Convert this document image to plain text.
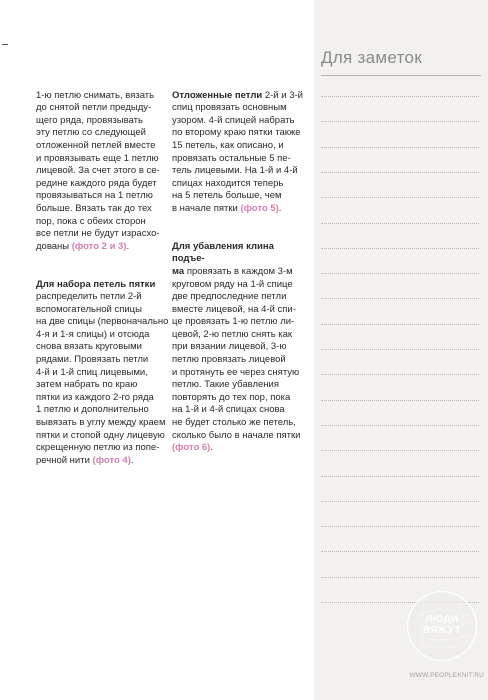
1-ю петлю снимать, вязать
до снятой петли предыду-
щего ряда, провязывать
эту петлю со следующей
отложенной петлей вместе
и провязывать еще 1 петлю
лицевой. За счет этого в се-
редине каждого ряда будет
провязываться на 1 петлю
больше. Вязать так до тех
пор, пока с обеих сторон
все петли не будут израсхо-
дованы (фото 2 и 3).

Для набора петель пятки
распределить петли 2-й
вспомогательной спицы
на две спицы (первоначально
4-я и 1-я спицы) и отсюда
снова вязать круговыми
рядами. Провязать петли
4-й и 1-й спиц лицевыми,
затем набрать по краю
пятки из каждого 2-го ряда
1 петлю и дополнительно
вывязать в углу между краем
пятки и стопой одну лицевую
скрещенную петлю из попе-
речной нити (фото 4).

Отложенные петли 2-й и 3-й
спиц провязать основным
узором. 4-й спицей набрать
по второму краю пятки также
15 петель, как описано, и
провязать остальные 5 пе-
тель лицевыми. На 1-й и 4-й
спицах находится теперь
на 5 петель больше, чем
в начале пятки (фото 5).

Для убавления клина подъе-
ма провязать в каждом 3-м
круговом ряду на 1-й спице
две предпоследние петли
вместе лицевой, на 4-й спи-
це провязать 1-ю петлю ли-
цевой, 2-ю петлю снять как
при вязании лицевой, 3-ю
петлю провязать лицевой
и протянуть ее через снятую
петлю. Такие убавления
повторять до тех пор, пока
на 1-й и 4-й спицах снова
не будет столько же петель,
сколько было в начале пятки
(фото 6).

Для заметок
ЛЮДИ
ВЯЖУТ
WWW.PEOPLEKNIT.RU
